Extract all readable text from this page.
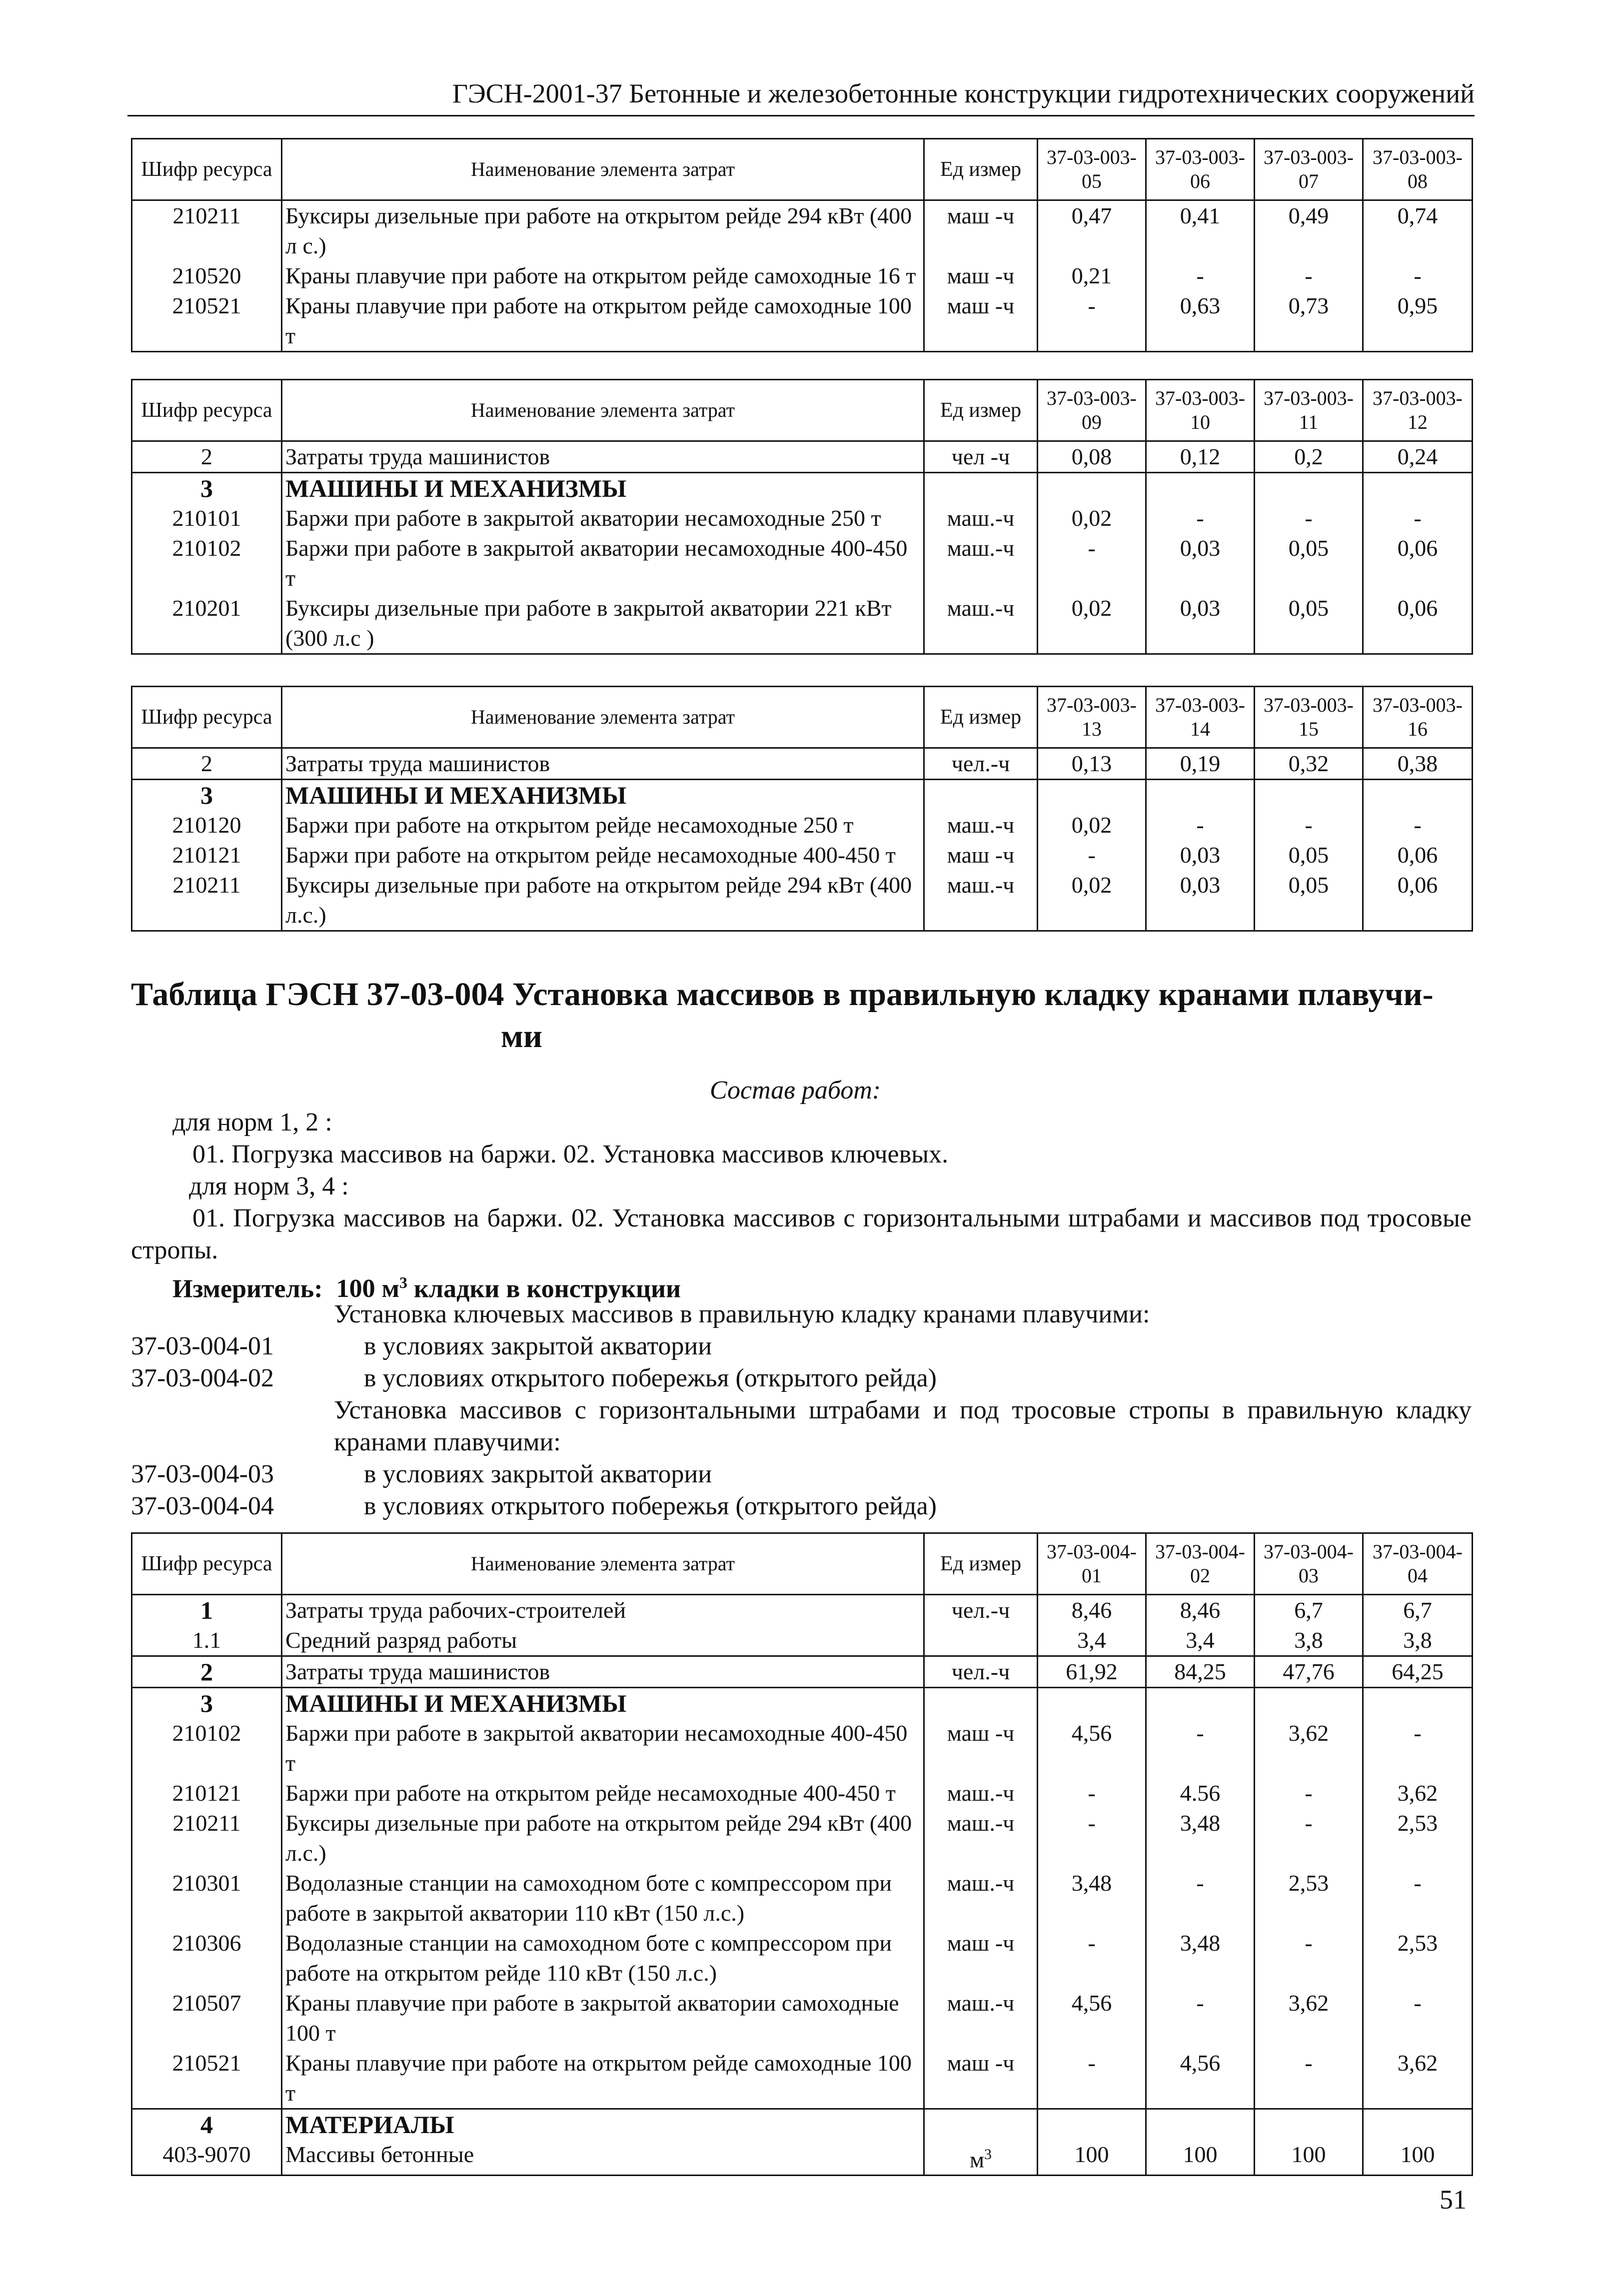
ГЭСН-2001-37 Бетонные и железобетонные конструкции гидротехнических сооружений
Шифр ресурса	Наименование элемента затрат	Ед измер	37-03-003-05	37-03-003-06	37-03-003-07	37-03-003-08
210211	Буксиры дизельные при работе на открытом рейде 294 кВт (400 л с.)	маш -ч	0,47	0,41	0,49	0,74
210520	Краны плавучие при работе на открытом рейде самоходные 16 т	маш -ч	0,21	-	-	-
210521	Краны плавучие при работе на открытом рейде самоходные 100 т	маш -ч	-	0,63	0,73	0,95
Шифр ресурса	Наименование элемента затрат	Ед измер	37-03-003-09	37-03-003-10	37-03-003-11	37-03-003-12
2	Затраты труда машинистов	чел -ч	0,08	0,12	0,2	0,24
3	МАШИНЫ И МЕХАНИЗМЫ					
210101	Баржи при работе в закрытой акватории несамоходные 250 т	маш.-ч	0,02	-	-	-
210102	Баржи при работе в закрытой акватории несамоходные 400-450 т	маш.-ч	-	0,03	0,05	0,06
210201	Буксиры дизельные при работе в закрытой акватории 221 кВт (300 л.с )	маш.-ч	0,02	0,03	0,05	0,06
Шифр ресурса	Наименование элемента затрат	Ед измер	37-03-003-13	37-03-003-14	37-03-003-15	37-03-003-16
2	Затраты труда машинистов	чел.-ч	0,13	0,19	0,32	0,38
3	МАШИНЫ И МЕХАНИЗМЫ					
210120	Баржи при работе на открытом рейде несамоходные 250 т	маш.-ч	0,02	-	-	-
210121	Баржи при работе на открытом рейде несамоходные 400-450 т	маш -ч	-	0,03	0,05	0,06
210211	Буксиры дизельные при работе на открытом рейде 294 кВт (400 л.с.)	маш.-ч	0,02	0,03	0,05	0,06
Таблица ГЭСН 37-03-004 Установка массивов в правильную кладку кранами плавучи-
ми
Состав работ:
для норм 1, 2 :
01. Погрузка массивов на баржи. 02. Установка массивов ключевых.
для норм 3, 4 :
01. Погрузка массивов на баржи. 02. Установка массивов с горизонтальными штрабами и массивов под тросовые стропы.
Измеритель: 100 $м^3$ кладки в конструкции
Установка ключевых массивов в правильную кладку кранами плавучими:
37-03-004-01	в условиях закрытой акватории
37-03-004-02	в условиях открытого побережья (открытого рейда)
Установка массивов с горизонтальными штрабами и под тросовые стропы в правильную кладку кранами плавучими:
37-03-004-03	в условиях закрытой акватории
37-03-004-04	в условиях открытого побережья (открытого рейда)
Шифр ресурса	Наименование элемента затрат	Ед измер	37-03-004-01	37-03-004-02	37-03-004-03	37-03-004-04
1	Затраты труда рабочих-строителей	чел.-ч	8,46	8,46	6,7	6,7
1.1	Средний разряд работы		3,4	3,4	3,8	3,8
2	Затраты труда машинистов	чел.-ч	61,92	84,25	47,76	64,25
3	МАШИНЫ И МЕХАНИЗМЫ					
210102	Баржи при работе в закрытой акватории несамоходные 400-450 т	маш -ч	4,56	-	3,62	-
210121	Баржи при работе на открытом рейде несамоходные 400-450 т	маш.-ч	-	4.56	-	3,62
210211	Буксиры дизельные при работе на открытом рейде 294 кВт (400 л.с.)	маш.-ч	-	3,48	-	2,53
210301	Водолазные станции на самоходном боте с компрессором при работе в закрытой акватории 110 кВт (150 л.с.)	маш.-ч	3,48	-	2,53	-
210306	Водолазные станции на самоходном боте с компрессором при работе на открытом рейде 110 кВт (150 л.с.)	маш -ч	-	3,48	-	2,53
210507	Краны плавучие при работе в закрытой акватории самоходные 100 т	маш.-ч	4,56	-	3,62	-
210521	Краны плавучие при работе на открытом рейде самоходные 100 т	маш -ч	-	4,56	-	3,62
4	МАТЕРИАЛЫ					
403-9070	Массивы бетонные	$м^3$	100	100	100	100
51
